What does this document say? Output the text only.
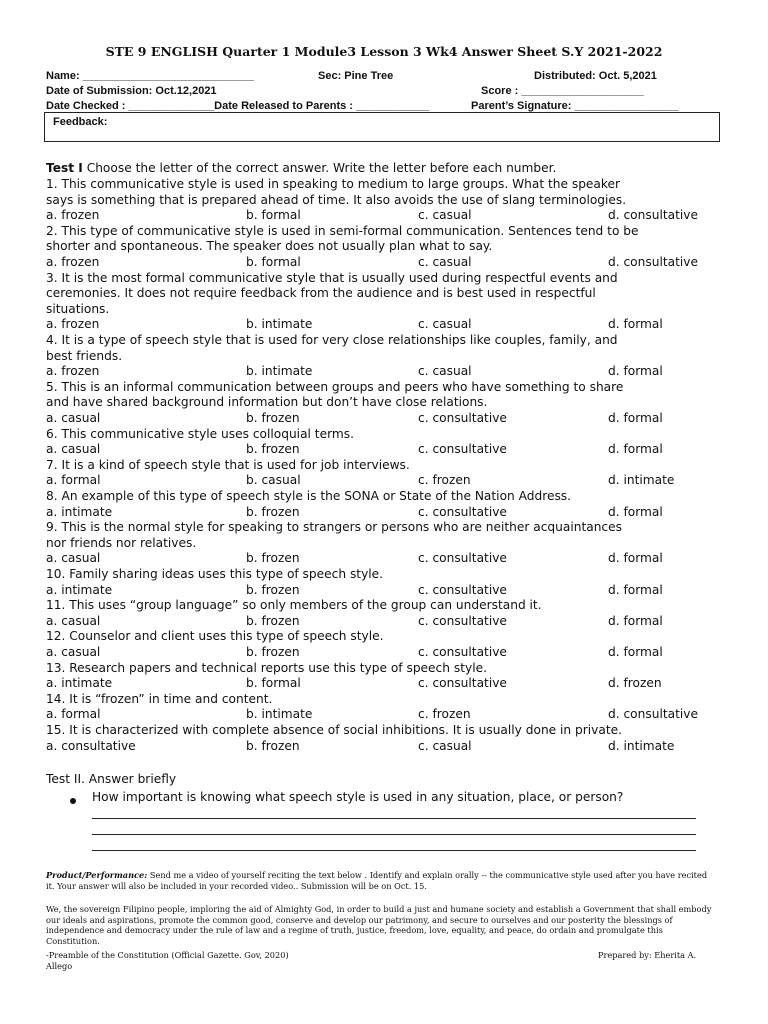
STE 9 ENGLISH Quarter 1 Module3 Lesson 3 Wk4 Answer Sheet S.Y 2021-2022
Name: ____________________________	Sec: Pine Tree	Distributed: Oct. 5,2021
Date of Submission: Oct.12,2021	Score : ____________________
Date Checked : ______________Date Released to Parents : ____________	Parent’s Signature: _________________
Feedback:
Test I Choose the letter of the correct answer. Write the letter before each number.
1. This communicative style is used in speaking to medium to large groups. What the speaker
says is something that is prepared ahead of time. It also avoids the use of slang terminologies.
a. frozen	b. formal	c. casual	d. consultative
2. This type of communicative style is used in semi-formal communication. Sentences tend to be
shorter and spontaneous. The speaker does not usually plan what to say.
a. frozen	b. formal	c. casual	d. consultative
3. It is the most formal communicative style that is usually used during respectful events and
ceremonies. It does not require feedback from the audience and is best used in respectful
situations.
a. frozen	b. intimate	c. casual	d. formal
4. It is a type of speech style that is used for very close relationships like couples, family, and
best friends.
a. frozen	b. intimate	c. casual	d. formal
5. This is an informal communication between groups and peers who have something to share
and have shared background information but don’t have close relations.
a. casual	b. frozen	c. consultative	d. formal
6. This communicative style uses colloquial terms.
a. casual	b. frozen	c. consultative	d. formal
7. It is a kind of speech style that is used for job interviews.
a. formal	b. casual	c. frozen	d. intimate
8. An example of this type of speech style is the SONA or State of the Nation Address.
a. intimate	b. frozen	c. consultative	d. formal
9. This is the normal style for speaking to strangers or persons who are neither acquaintances
nor friends nor relatives.
a. casual	b. frozen	c. consultative	d. formal
10. Family sharing ideas uses this type of speech style.
a. intimate	b. frozen	c. consultative	d. formal
11. This uses “group language” so only members of the group can understand it.
a. casual	b. frozen	c. consultative	d. formal
12. Counselor and client uses this type of speech style.
a. casual	b. frozen	c. consultative	d. formal
13. Research papers and technical reports use this type of speech style.
a. intimate	b. formal	c. consultative	d. frozen
14. It is “frozen” in time and content.
a. formal	b. intimate	c. frozen	d. consultative
15. It is characterized with complete absence of social inhibitions. It is usually done in private.
a. consultative	b. frozen	c. casual	d. intimate
Test II. Answer briefly
How important is knowing what speech style is used in any situation, place, or person?
Product/Performance: Send me a video of yourself reciting the text below . Identify and explain orally -- the communicative style used after you have recited it. Your answer will also be included in your recorded video.. Submission will be on Oct. 15.
We, the sovereign Filipino people, imploring the aid of Almighty God, in order to build a just and humane society and establish a Government that shall embody our ideals and aspirations, promote the common good, conserve and develop our patrimony, and secure to ourselves and our posterity the blessings of independence and democracy under the rule of law and a regime of truth, justice, freedom, love, equality, and peace, do ordain and promulgate this Constitution.
-Preamble of the Constitution (Official Gazette. Gov, 2020)
Allego
Prepared by: Eherita A.
